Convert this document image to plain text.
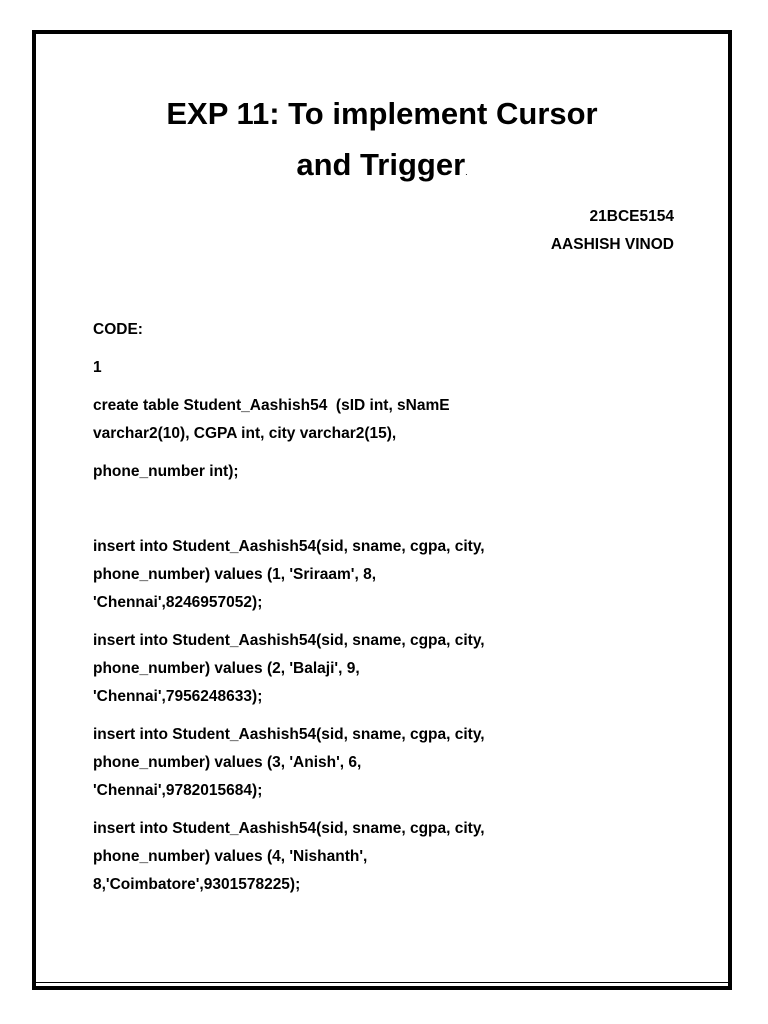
EXP 11: To implement Cursor
and Trigger.
21BCE5154
AASHISH VINOD
CODE:
1
create table Student_Aashish54  (sID int, sNamE
varchar2(10), CGPA int, city varchar2(15),
phone_number int);
insert into Student_Aashish54(sid, sname, cgpa, city,
phone_number) values (1, 'Sriraam', 8,
'Chennai',8246957052);
insert into Student_Aashish54(sid, sname, cgpa, city,
phone_number) values (2, 'Balaji', 9,
'Chennai',7956248633);
insert into Student_Aashish54(sid, sname, cgpa, city,
phone_number) values (3, 'Anish', 6,
'Chennai',9782015684);
insert into Student_Aashish54(sid, sname, cgpa, city,
phone_number) values (4, 'Nishanth',
8,'Coimbatore',9301578225);
